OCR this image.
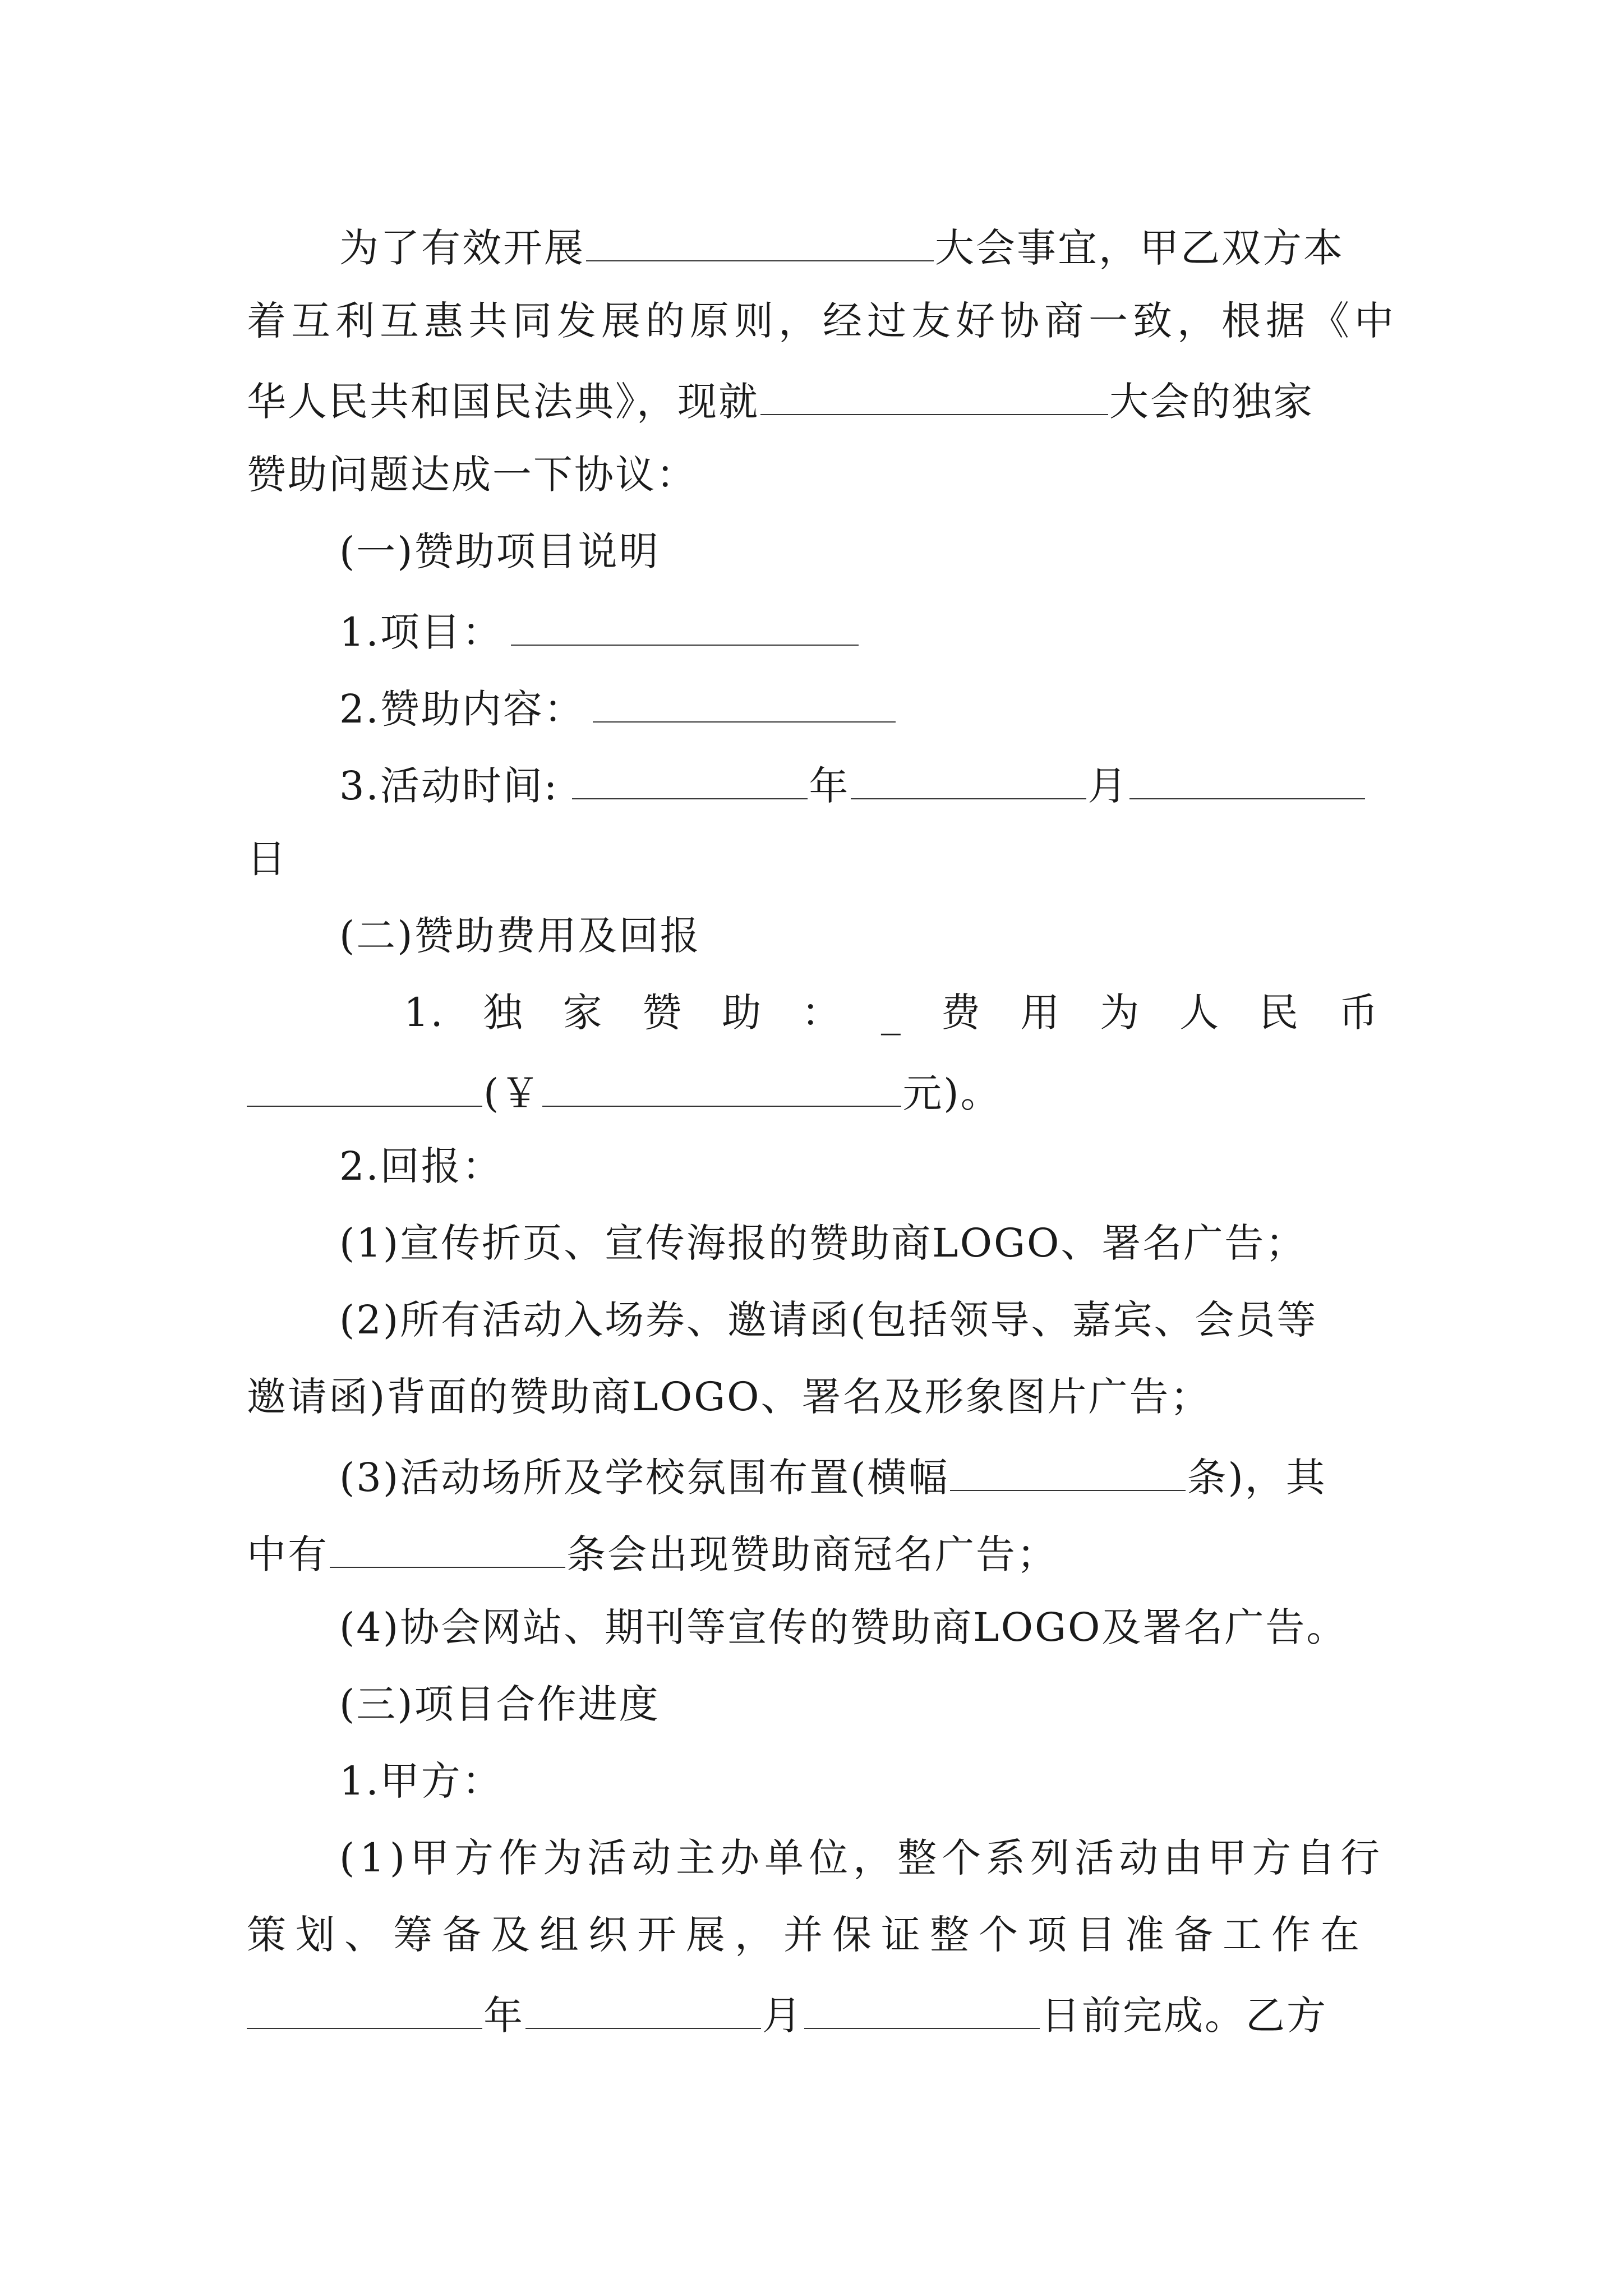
为了有效开展	大会事宜，甲乙双方本
着互利互惠共同发展的原则，经过友好协商一致，根据《中
华人民共和国民法典》，现就	大会的独家
赞助问题达成一下协议：
(一)赞助项目说明
1.项目：
2.赞助内容：
3.活动时间:	年	月
日
(二)赞助费用及回报
1. 独 家 赞 助 ： _ 费 用 为 人 民 币
(￥	元)。
2.回报：
(1)宣传折页、宣传海报的赞助商LOGO、署名广告；
(2)所有活动入场券、邀请函(包括领导、嘉宾、会员等
邀请函)背面的赞助商LOGO、署名及形象图片广告；
(3)活动场所及学校氛围布置(横幅	条)，其
中有	条会出现赞助商冠名广告；
(4)协会网站、期刊等宣传的赞助商LOGO及署名广告。
(三)项目合作进度
1.甲方：
(1)甲方作为活动主办单位，整个系列活动由甲方自行
策划、筹备及组织开展，并保证整个项目准备工作在
年	月	日前完成。乙方
